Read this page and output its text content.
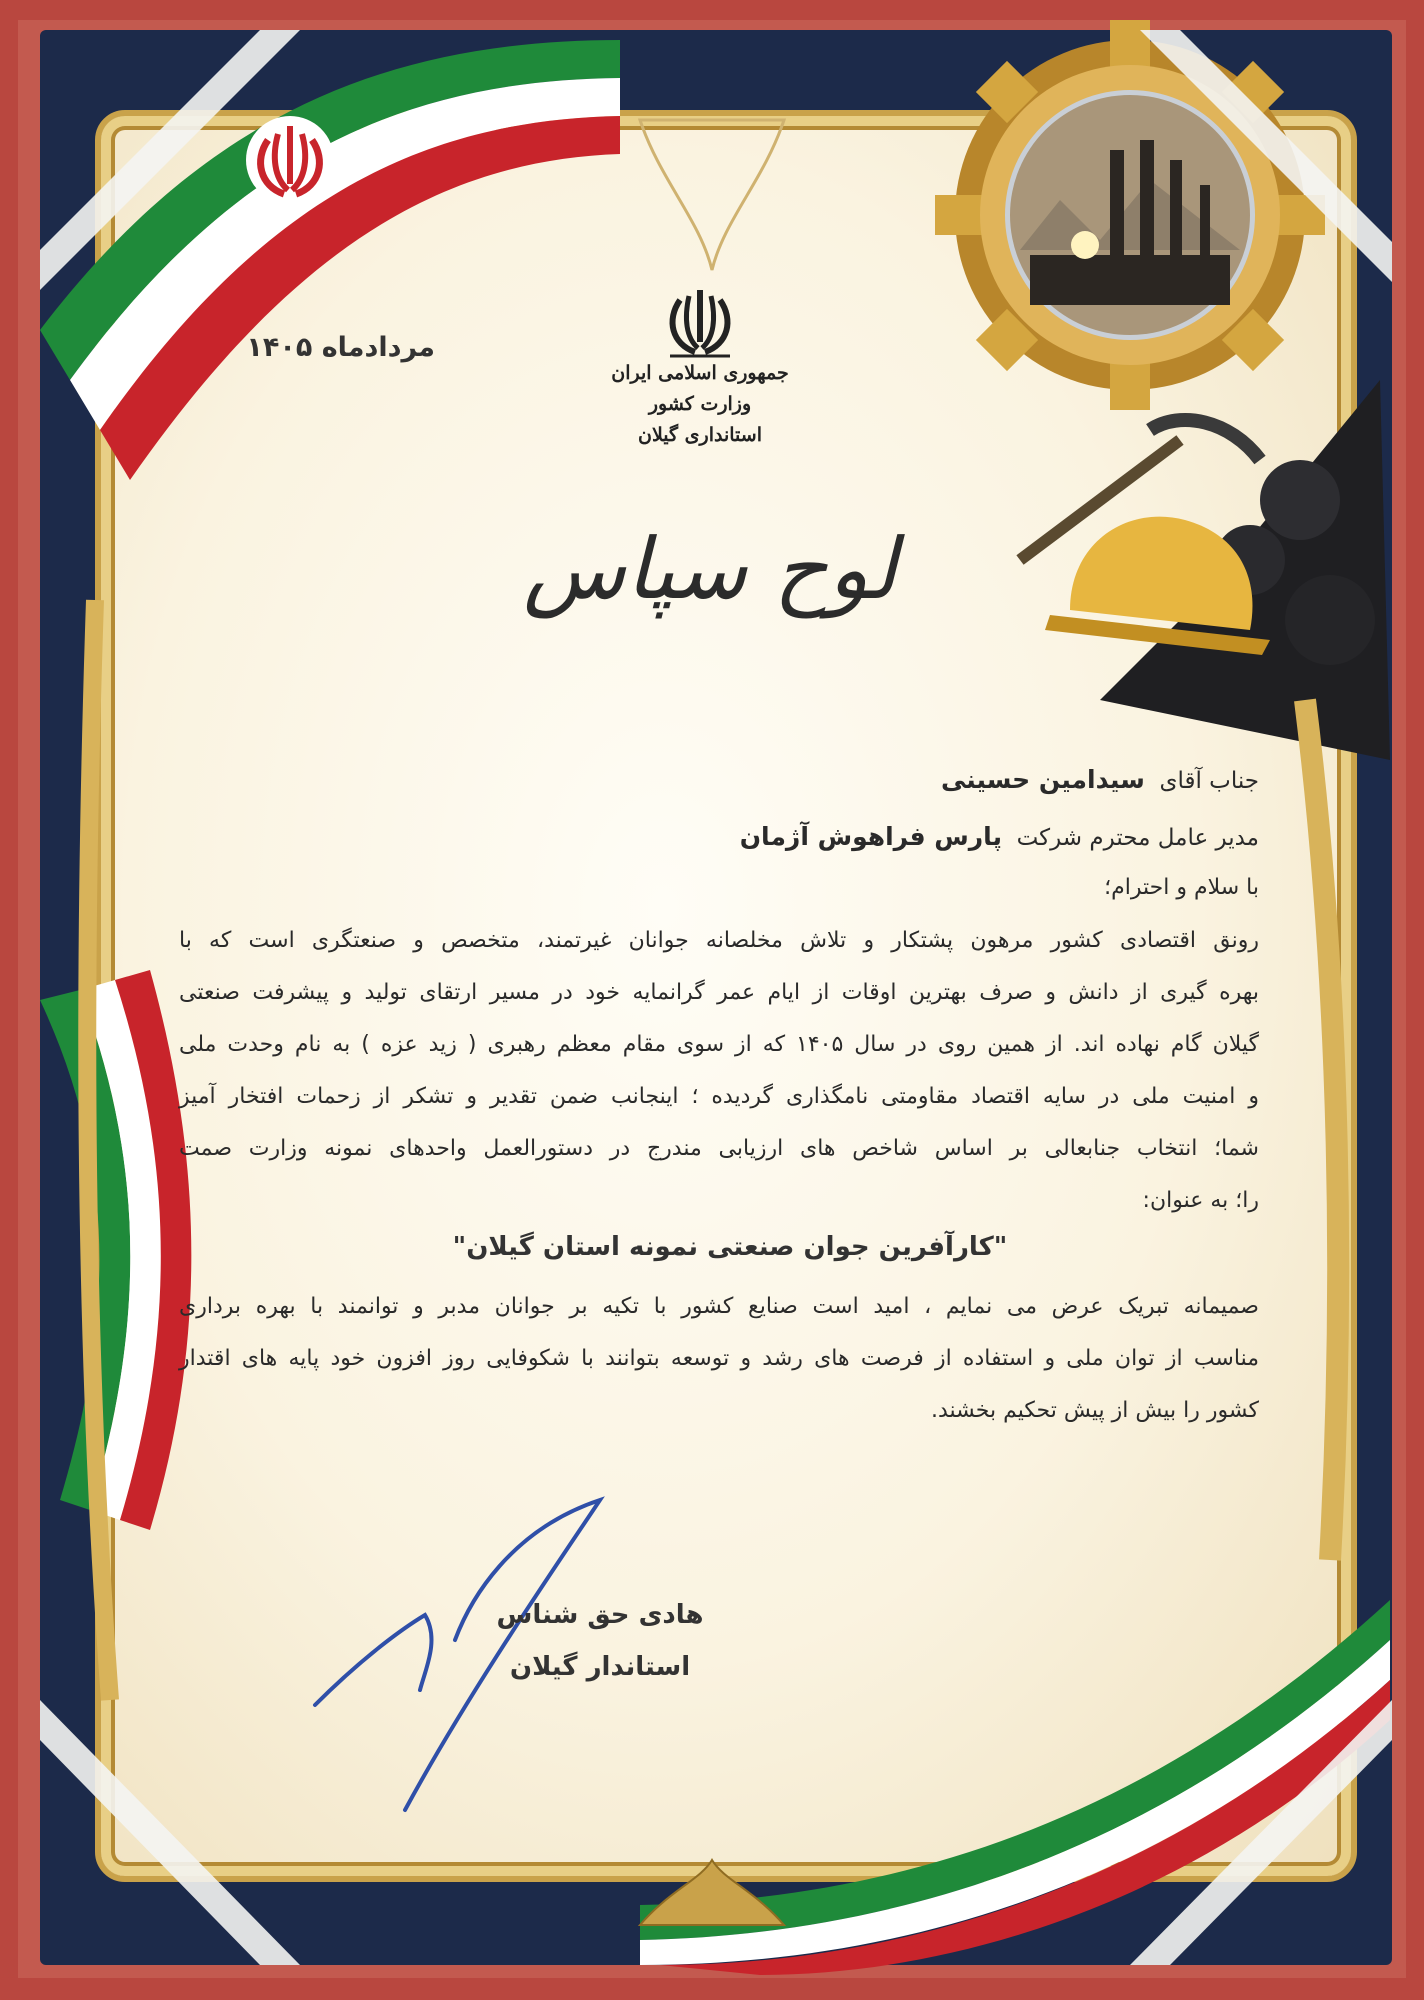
مردادماه ۱۴۰۵
جمهوری اسلامی ایران
وزارت کشور
استانداری گیلان
لوح سپاس
جناب آقای  سیدامین حسینی
مدیر عامل محترم شرکت  پارس فراهوش آژمان
با سلام و احترام؛
رونق اقتصادی کشور مرهون پشتکار و تلاش مخلصانه جوانان غیرتمند، متخصص و صنعتگری است که با
بهره گیری از دانش و صرف بهترین اوقات از ایام عمر گرانمایه خود در مسیر ارتقای تولید و پیشرفت صنعتی
گیلان گام نهاده اند. از همین روی در سال ۱۴۰۵ که از سوی مقام معظم رهبری ( زید عزه ) به نام وحدت ملی
و امنیت ملی در سایه اقتصاد مقاومتی نامگذاری گردیده ؛ اینجانب ضمن تقدیر و تشکر از زحمات افتخار آمیز
شما؛ انتخاب جنابعالی بر اساس شاخص های ارزیابی مندرج در دستورالعمل واحدهای نمونه وزارت صمت
را؛ به عنوان:
"کارآفرین جوان صنعتی نمونه استان گیلان"
صمیمانه تبریک عرض می نمایم ، امید است صنایع کشور با تکیه بر جوانان مدبر و توانمند با بهره برداری
مناسب از توان ملی و استفاده از فرصت های رشد و توسعه بتوانند با شکوفایی روز افزون خود پایه های اقتدار
کشور را بیش از پیش تحکیم بخشند.
هادی حق شناس
استاندار گیلان
